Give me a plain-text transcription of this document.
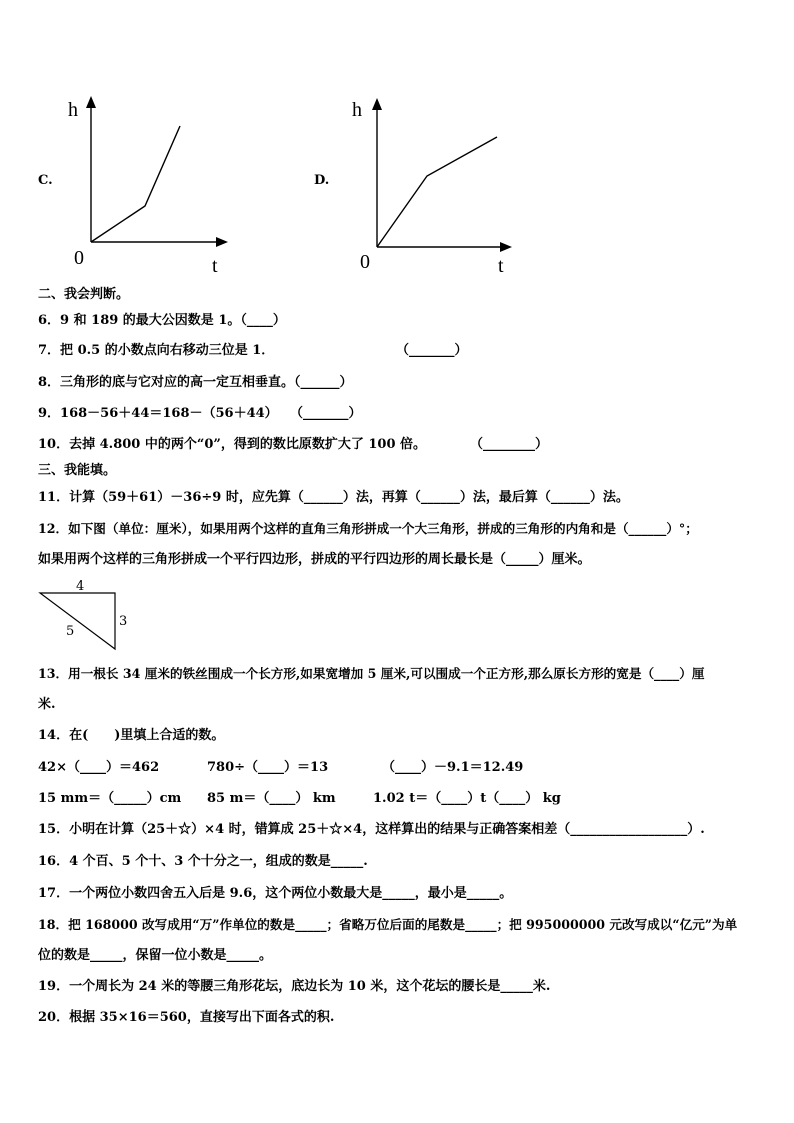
C.
h
0	t
D.
h
0	t
二、我会判断。
6．9 和 189 的最大公因数是 1。（____）
7．把 0.5 的小数点向右移动三位是 1．	（_______）
8．三角形的底与它对应的高一定互相垂直。（______）
9．168－56＋44＝168－（56＋44） （_______）
10．去掉 4.800 中的两个“0”，得到的数比原数扩大了 100 倍。	（________）
三、我能填。
11．计算（59＋61）－36÷9 时，应先算（______）法，再算（______）法，最后算（______）法。
12．如下图（单位：厘米），如果用两个这样的直角三角形拼成一个大三角形，拼成的三角形的内角和是（______）°；
如果用两个这样的三角形拼成一个平行四边形，拼成的平行四边形的周长最长是（_____）厘米。
4
3
5
13．用一根长 34 厘米的铁丝围成一个长方形,如果宽增加 5 厘米,可以围成一个正方形,那么原长方形的宽是（____）厘
米.
14．在(　　)里填上合适的数。
42×（____）＝462	780÷（____）＝13	（____）－9.1＝12.49
15 mm＝（_____）cm 85 m＝（____） km	1.02 t＝（____）t（____） kg
15．小明在计算（25＋☆）×4 时，错算成 25＋☆×4，这样算出的结果与正确答案相差（__________________）.
16．4 个百、5 个十、3 个十分之一，组成的数是_____.
17．一个两位小数四舍五入后是 9.6，这个两位小数最大是_____，最小是_____。
18．把 168000 改写成用“万”作单位的数是_____；省略万位后面的尾数是_____；把 995000000 元改写成以“亿元”为单
位的数是_____，保留一位小数是_____。
19．一个周长为 24 米的等腰三角形花坛，底边长为 10 米，这个花坛的腰长是_____米.
20．根据 35×16＝560，直接写出下面各式的积.
